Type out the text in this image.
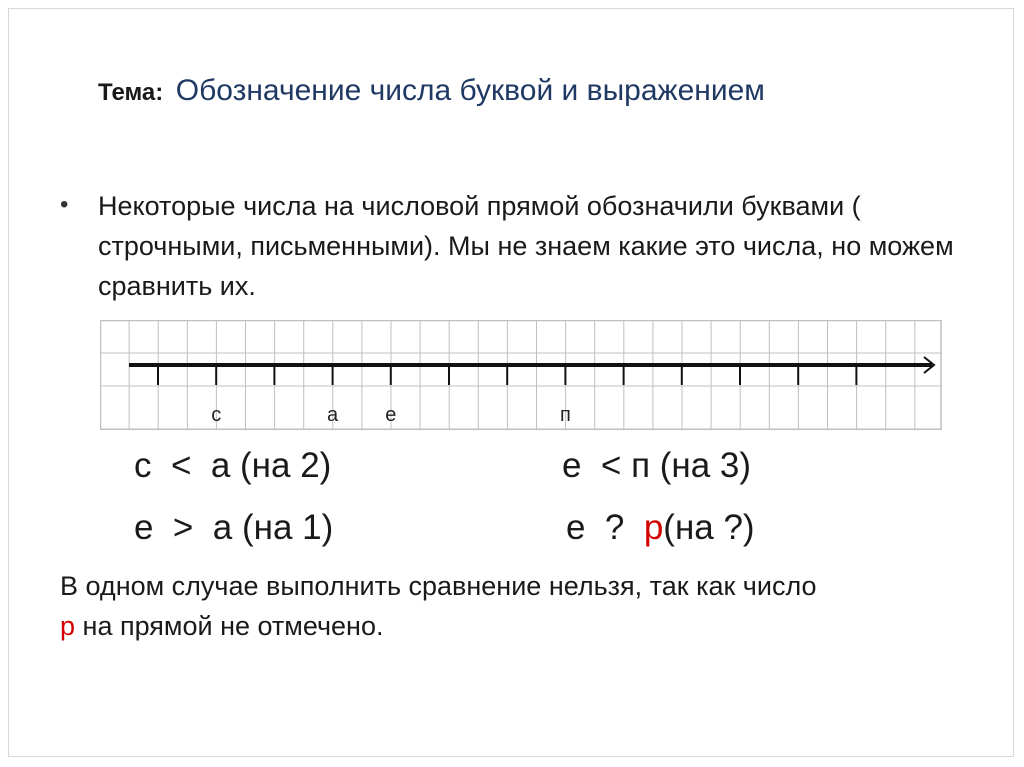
Тема: Обозначение числа буквой и выражением
• Некоторые числа на числовой прямой обозначили буквами ( строчными, письменными). Мы не знаем какие это числа, но можем сравнить их.
с	а е	п
с  <  а (на 2)
е  >  а (на 1)
е  < п (на 3)
е  ?  р(на ?)
В одном случае выполнить сравнение нельзя, так как число
р на прямой не отмечено.
